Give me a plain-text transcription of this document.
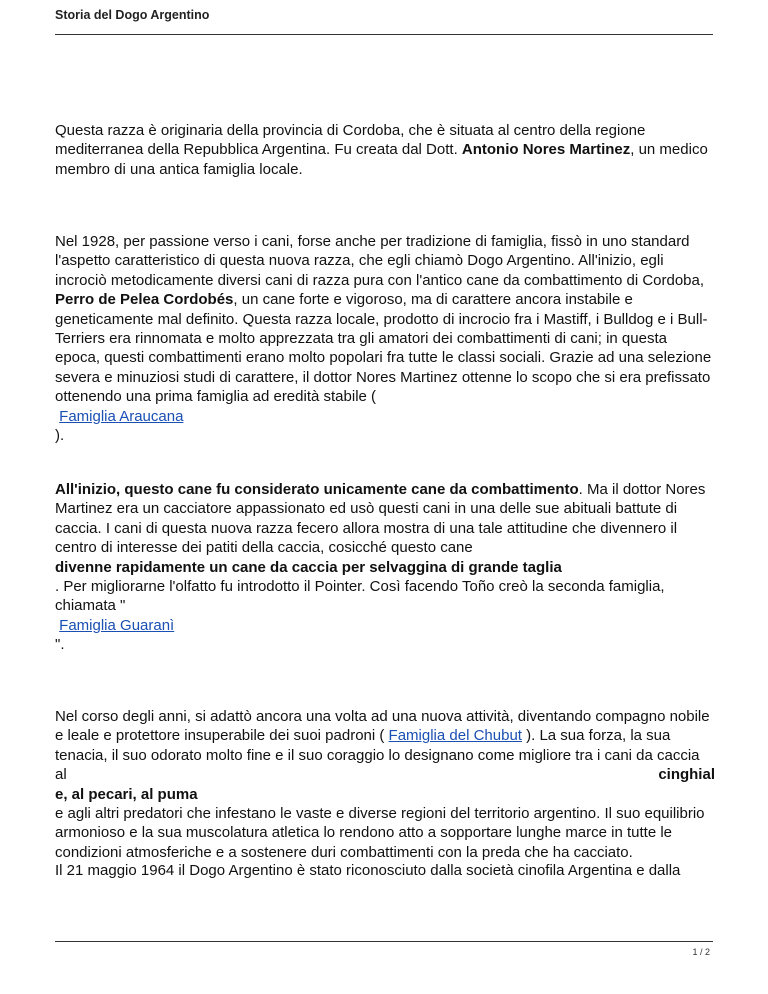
Storia del Dogo Argentino

Questa razza è originaria della provincia di Cordoba, che è situata al centro della regione mediterranea della Repubblica Argentina. Fu creata dal Dott. Antonio Nores Martinez, un medico membro di una antica famiglia locale.

Nel 1928, per passione verso i cani, forse anche per tradizione di famiglia, fissò in uno standard l'aspetto caratteristico di questa nuova razza, che egli chiamò Dogo Argentino. All'inizio, egli incrociò metodicamente diversi cani di razza pura con l'antico cane da combattimento di Cordoba, Perro de Pelea Cordobés, un cane forte e vigoroso, ma di carattere ancora instabile e geneticamente mal definito. Questa razza locale, prodotto di incrocio fra i Mastiff, i Bulldog e i Bull-Terriers era rinnomata e molto apprezzata tra gli amatori dei combattimenti di cani; in questa epoca, questi combattimenti erano molto popolari fra tutte le classi sociali. Grazie ad una selezione severa e minuziosi studi di carattere, il dottor Nores Martinez ottenne lo scopo che si era prefissato ottenendo una prima famiglia ad eredità stabile (
Famiglia Araucana
).

All'inizio, questo cane fu considerato unicamente cane da combattimento. Ma il dottor Nores Martinez era un cacciatore appassionato ed usò questi cani in una delle sue abituali battute di caccia. I cani di questa nuova razza fecero allora mostra di una tale attitudine che divennero il centro di interesse dei patiti della caccia, cosicché questo cane
divenne rapidamente un cane da caccia per selvaggina di grande taglia
. Per migliorarne l'olfatto fu introdotto il Pointer. Così facendo Toño creò la seconda famiglia, chiamata "
Famiglia Guaranì
".

Nel corso degli anni, si adattò ancora una volta ad una nuova attività, diventando compagno nobile e leale e protettore insuperabile dei suoi padroni ( Famiglia del Chubut ). La sua forza, la sua tenacia, il suo odorato molto fine e il suo coraggio lo designano come migliore tra i cani da caccia al	cinghial

e, al pecari, al puma
e agli altri predatori che infestano le vaste e diverse regioni del territorio argentino. Il suo equilibrio armonioso e la sua muscolatura atletica lo rendono atto a sopportare lunghe marce in tutte le condizioni atmosferiche e a sostenere duri combattimenti con la preda che ha cacciato.

Il 21 maggio 1964 il Dogo Argentino è stato riconosciuto dalla società cinofila Argentina e dalla

1 / 2
